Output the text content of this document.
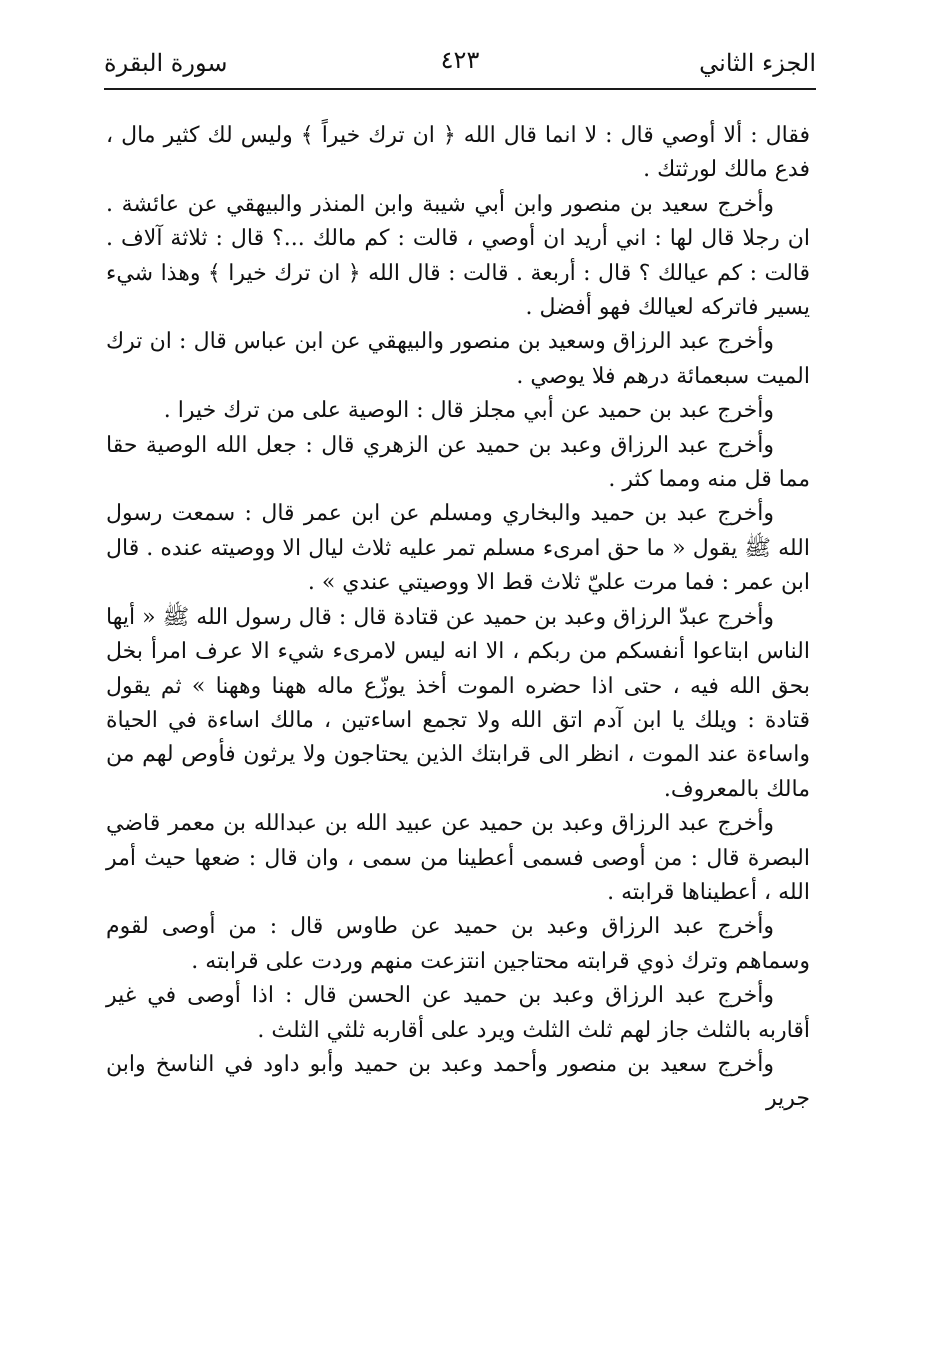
الجزء الثاني
٤٢٣
سورة البقرة

فقال : ألا أوصي قال : لا انما قال الله ﴿ ان ترك خيراً ﴾ وليس لك كثير مال ، فدع مالك لورثتك .

وأخرج سعيد بن منصور وابن أبي شيبة وابن المنذر والبيهقي عن عائشة . ان رجلا قال لها : اني أريد ان أوصي ، قالت : كم مالك ...؟ قال : ثلاثة آلاف . قالت : كم عيالك ؟ قال : أربعة . قالت : قال الله ﴿ ان ترك خيرا ﴾ وهذا شيء يسير فاتركه لعيالك فهو أفضل .

وأخرج عبد الرزاق وسعيد بن منصور والبيهقي عن ابن عباس قال : ان ترك الميت سبعمائة درهم فلا يوصي .

وأخرج عبد بن حميد عن أبي مجلز قال : الوصية على من ترك خيرا .

وأخرج عبد الرزاق وعبد بن حميد عن الزهري قال : جعل الله الوصية حقا مما قل منه ومما كثر .

وأخرج عبد بن حميد والبخاري ومسلم عن ابن عمر قال : سمعت رسول الله ﷺ يقول « ما حق امرىء مسلم تمر عليه ثلاث ليال الا ووصيته عنده . قال ابن عمر : فما مرت عليّ ثلاث قط الا ووصيتي عندي » .

وأخرج عبدّ الرزاق وعبد بن حميد عن قتادة قال : قال رسول الله ﷺ « أيها الناس ابتاعوا أنفسكم من ربكم ، الا انه ليس لامرىء شيء الا عرف امرأ بخل بحق الله فيه ، حتى اذا حضره الموت أخذ يوزّع ماله ههنا وههنا » ثم يقول قتادة : ويلك يا ابن آدم اتق الله ولا تجمع اساءتين ، مالك اساءة في الحياة واساءة عند الموت ، انظر الى قرابتك الذين يحتاجون ولا يرثون فأوص لهم من مالك بالمعروف.

وأخرج عبد الرزاق وعبد بن حميد عن عبيد الله بن عبدالله بن معمر قاضي البصرة قال : من أوصى فسمى أعطينا من سمى ، وان قال : ضعها حيث أمر الله ، أعطيناها قرابته .

وأخرج عبد الرزاق وعبد بن حميد عن طاوس قال : من أوصى لقوم وسماهم وترك ذوي قرابته محتاجين انتزعت منهم وردت على قرابته .

وأخرج عبد الرزاق وعبد بن حميد عن الحسن قال : اذا أوصى في غير أقاربه بالثلث جاز لهم ثلث الثلث ويرد على أقاربه ثلثي الثلث .

وأخرج سعيد بن منصور وأحمد وعبد بن حميد وأبو داود في الناسخ وابن جرير
